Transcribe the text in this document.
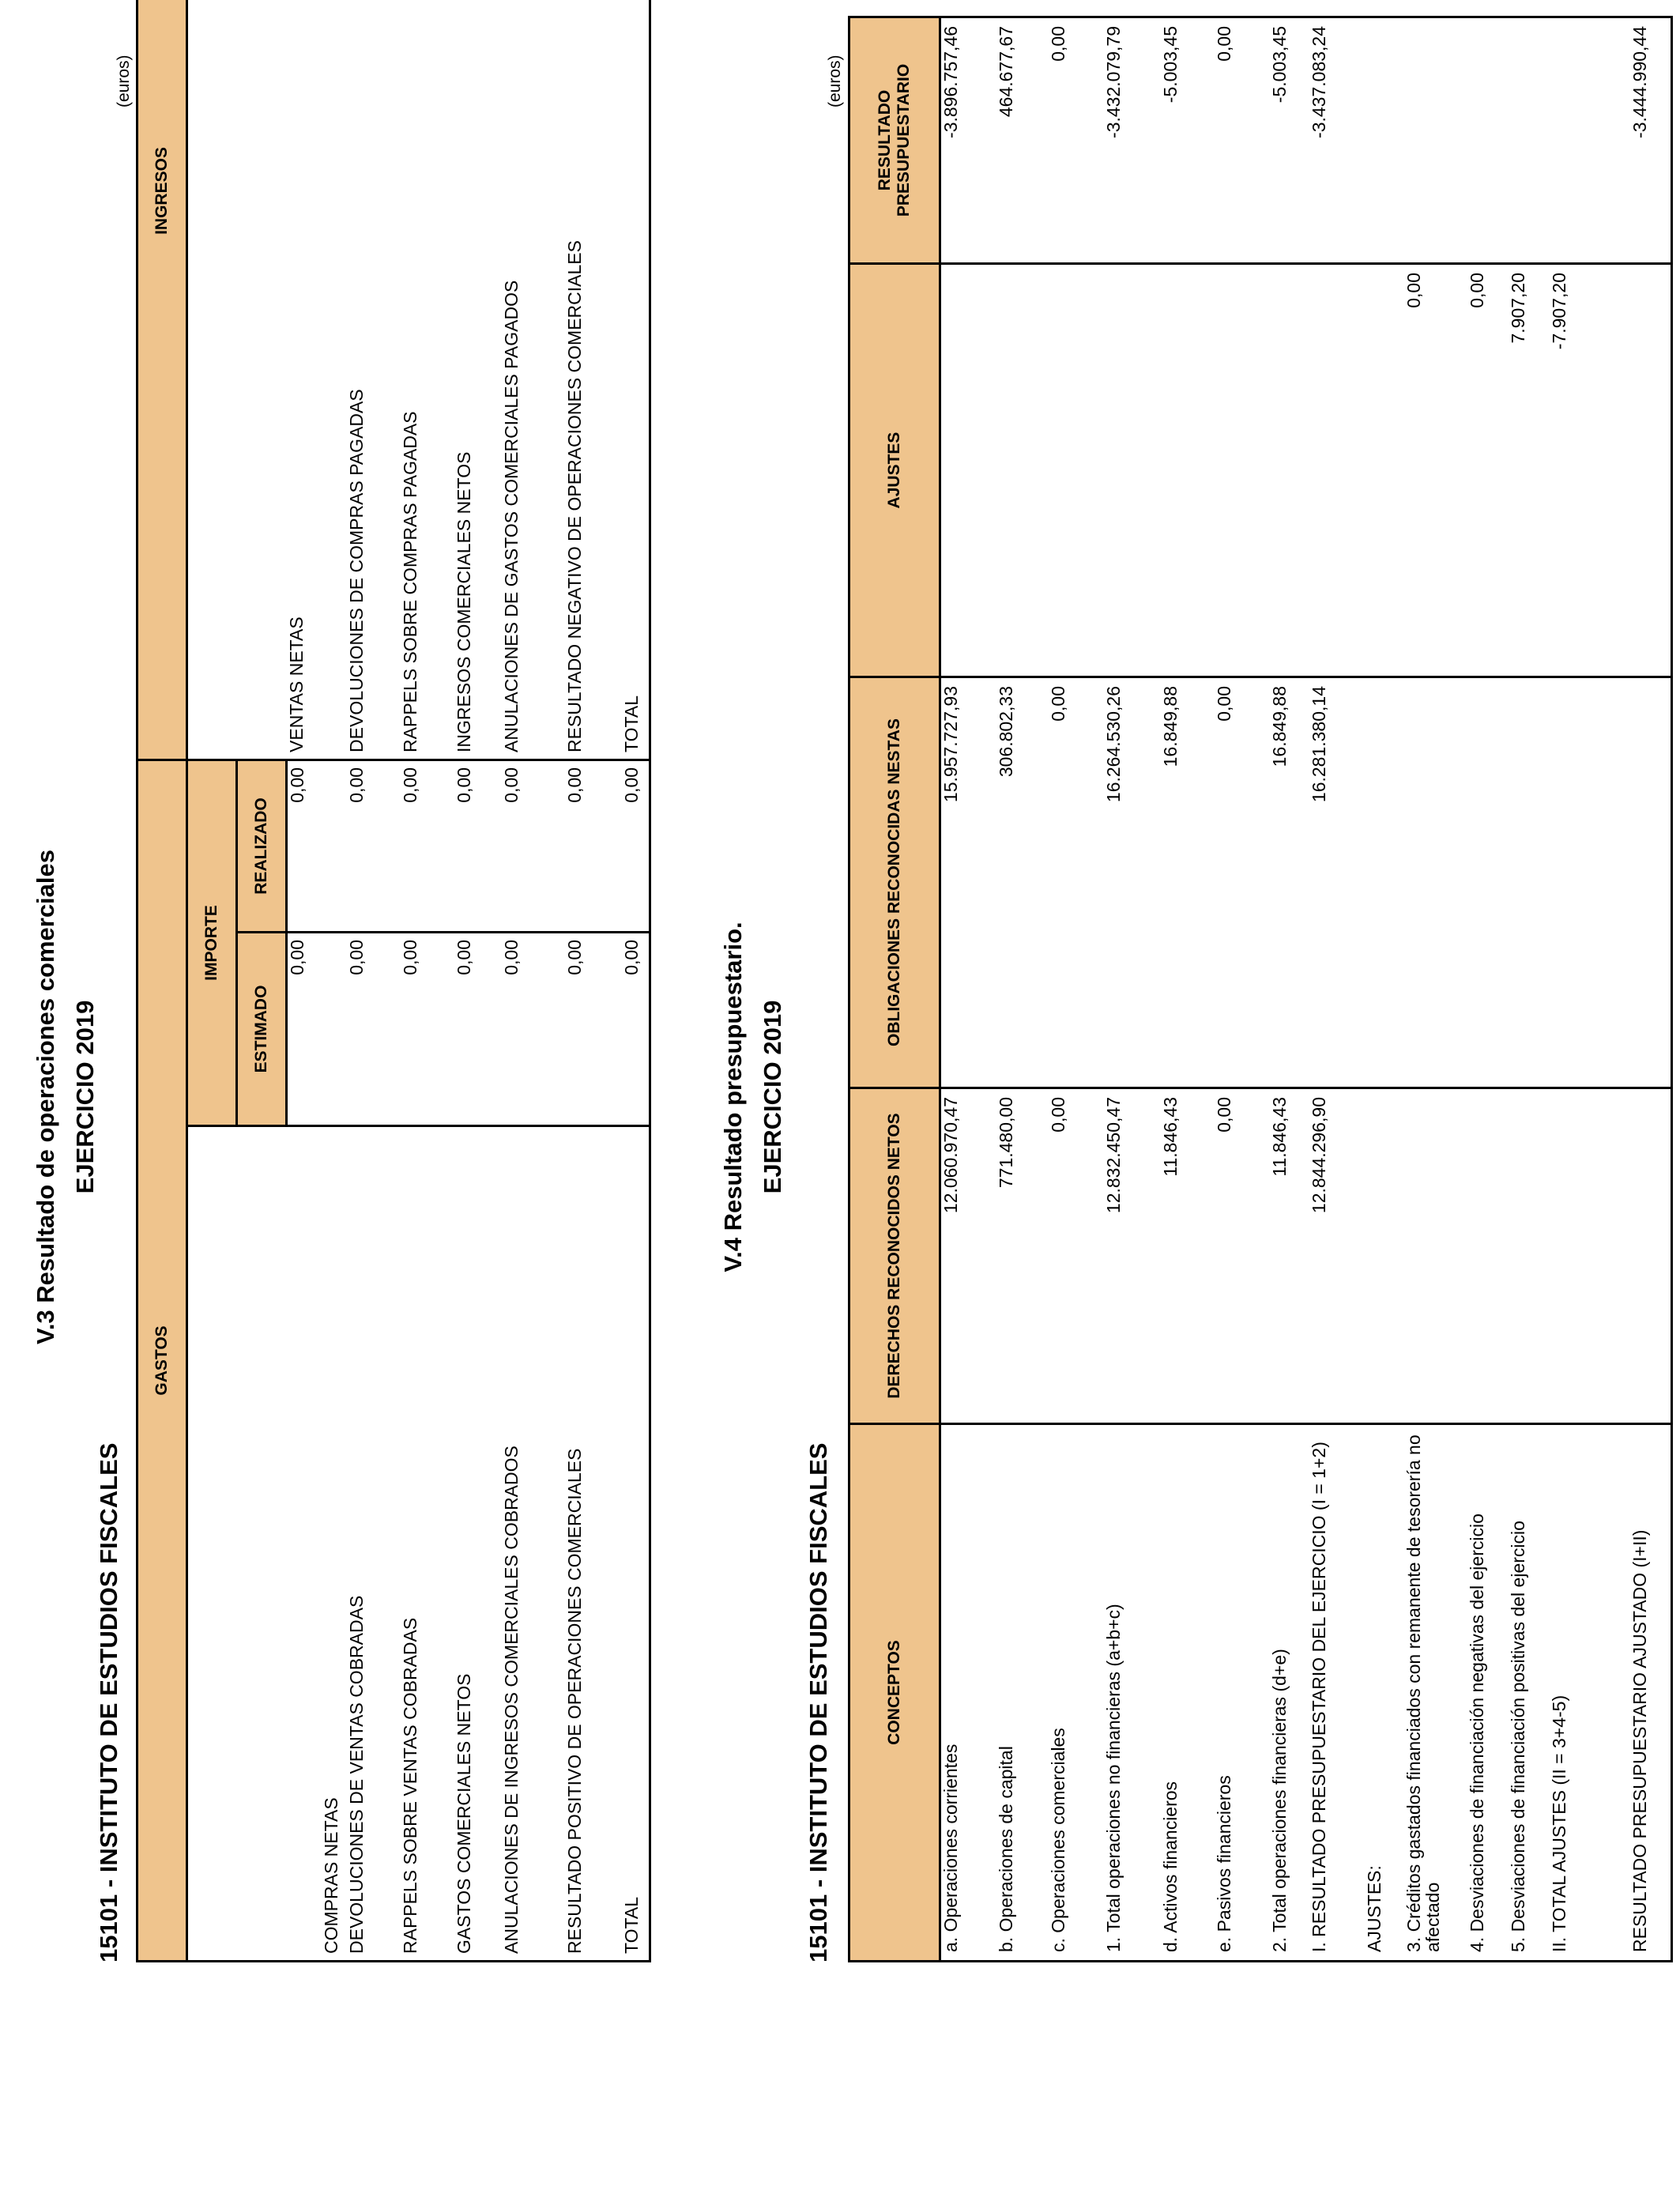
V.3 Resultado de operaciones comerciales EJERCICIO 2019
15101 - INSTITUTO DE ESTUDIOS FISCALES
(euros)
GASTOS			INGRESOS		
	IMPORTE		
	ESTIMADO	REALIZADO		
COMPRAS NETAS	0,00	0,00	VENTAS NETAS		
DEVOLUCIONES DE VENTAS COBRADAS	0,00	0,00	DEVOLUCIONES DE COMPRAS PAGADAS		
RAPPELS SOBRE VENTAS COBRADAS	0,00	0,00	RAPPELS SOBRE COMPRAS PAGADAS		
GASTOS COMERCIALES NETOS	0,00	0,00	INGRESOS COMERCIALES NETOS		
ANULACIONES DE INGRESOS COMERCIALES COBRADOS	0,00	0,00	ANULACIONES DE GASTOS COMERCIALES PAGADOS		
RESULTADO POSITIVO DE OPERACIONES COMERCIALES	0,00	0,00	RESULTADO NEGATIVO DE OPERACIONES COMERCIALES		
TOTAL	0,00	0,00	TOTAL		
V.4 Resultado presupuestario. EJERCICIO 2019
15101 - INSTITUTO DE ESTUDIOS FISCALES
(euros)
CONCEPTOS	DERECHOS RECONOCIDOS NETOS	OBLIGACIONES RECONOCIDAS NESTAS	AJUSTES	RESULTADO PRESUPUESTARIO
a. Operaciones corrientes	12.060.970,47	15.957.727,93		-3.896.757,46
b. Operaciones de capital	771.480,00	306.802,33		464.677,67
c. Operaciones comerciales	0,00	0,00		0,00
1. Total operaciones no financieras (a+b+c)	12.832.450,47	16.264.530,26		-3.432.079,79
d. Activos financieros	11.846,43	16.849,88		-5.003,45
e. Pasivos financieros	0,00	0,00		0,00
2. Total operaciones financieras (d+e)	11.846,43	16.849,88		-5.003,45
I. RESULTADO PRESUPUESTARIO DEL EJERCICIO (I = 1+2)	12.844.296,90	16.281.380,14		-3.437.083,24
AJUSTES:				
3. Créditos gastados financiados con remanente de tesorería no afectado			0,00	
4. Desviaciones de financiación negativas del ejercicio			0,00	
5. Desviaciones de financiación positivas del ejercicio			7.907,20	
II. TOTAL AJUSTES (II = 3+4-5)			-7.907,20	

RESULTADO PRESUPUESTARIO AJUSTADO (I+II)				-3.444.990,44
